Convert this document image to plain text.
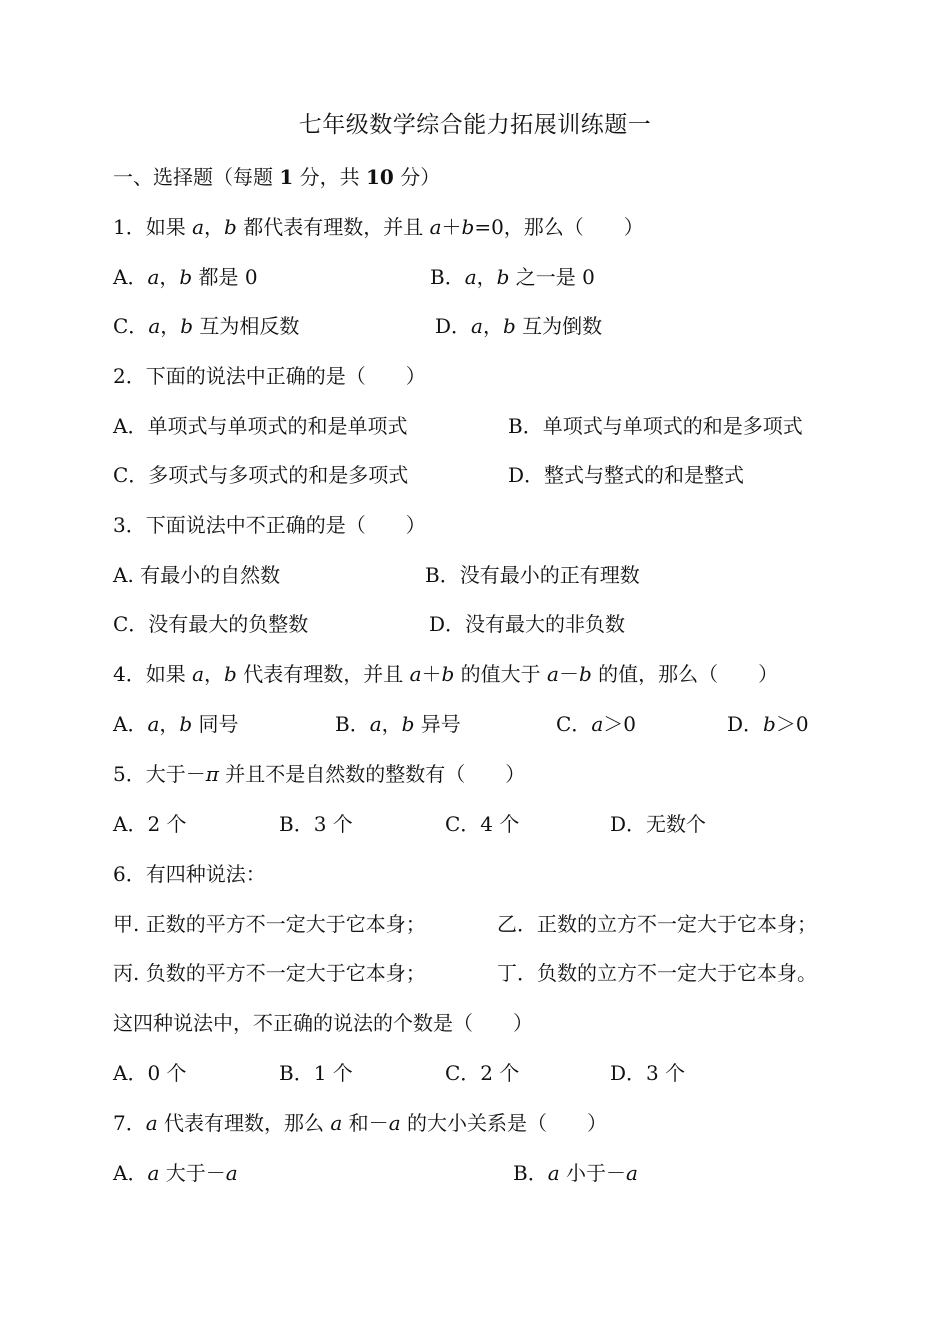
七年级数学综合能力拓展训练题一
一、选择题（每题 1 分，共 10 分）
1．如果 a，b 都代表有理数，并且 a＋b=0，那么（　　）
A．a，b 都是 0	B．a，b 之一是 0
C．a，b 互为相反数	D．a，b 互为倒数
2．下面的说法中正确的是（　　）
A．单项式与单项式的和是单项式	B．单项式与单项式的和是多项式
C．多项式与多项式的和是多项式	D．整式与整式的和是整式
3．下面说法中不正确的是（　　）
A. 有最小的自然数	B．没有最小的正有理数
C．没有最大的负整数	D．没有最大的非负数
4．如果 a，b 代表有理数，并且 a＋b 的值大于 a－b 的值，那么（　　）
A．a，b 同号	B．a，b 异号	C．a＞0	D．b＞0
5．大于－π 并且不是自然数的整数有（　　）
A．2 个	B．3 个	C．4 个	D．无数个
6．有四种说法：
甲. 正数的平方不一定大于它本身；	乙．正数的立方不一定大于它本身；
丙. 负数的平方不一定大于它本身；	丁．负数的立方不一定大于它本身。
这四种说法中，不正确的说法的个数是（　　）
A．0 个	B．1 个	C．2 个	D．3 个
7．a 代表有理数，那么 a 和－a 的大小关系是（　　）
A．a 大于－a	B．a 小于－a
